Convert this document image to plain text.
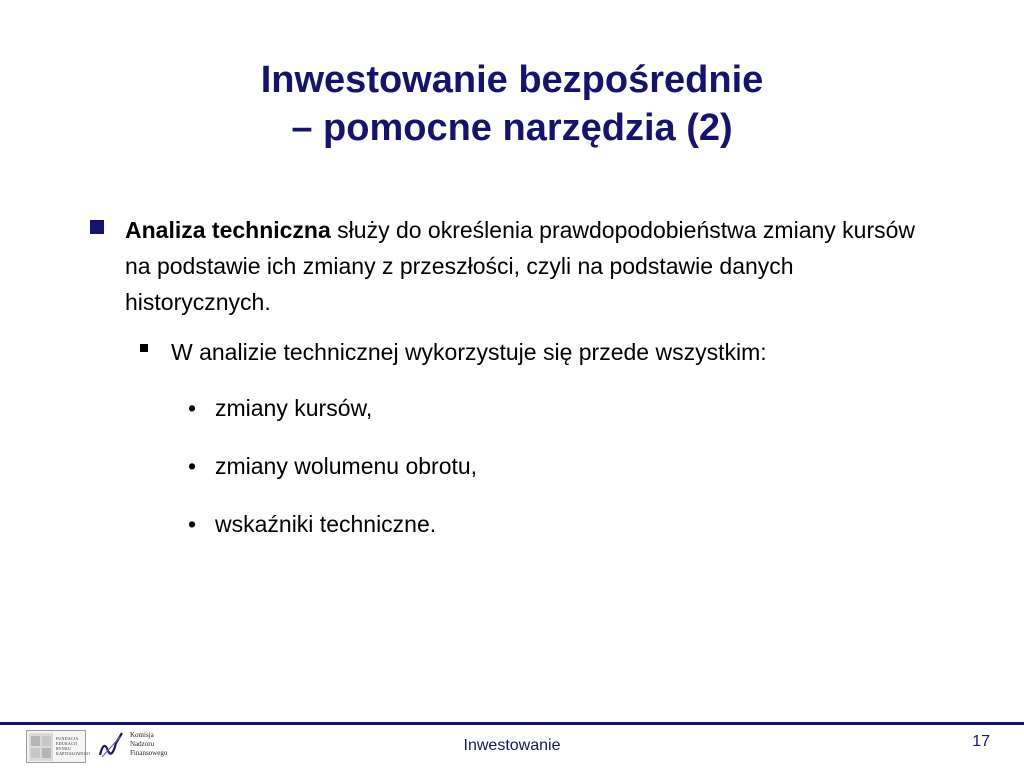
Inwestowanie bezpośrednie
– pomocne narzędzia (2)
Analiza techniczna służy do określenia prawdopodobieństwa zmiany kursów na podstawie ich zmiany z przeszłości, czyli na podstawie danych historycznych.
W analizie technicznej wykorzystuje się przede wszystkim:
• zmiany kursów,
• zmiany wolumenu obrotu,
• wskaźniki techniczne.
FUNDACJA
EDUKACJI
RYNKU
KAPITAŁOWEGO
Komisja
Nadzoru
Finansowego	Inwestowanie	17
